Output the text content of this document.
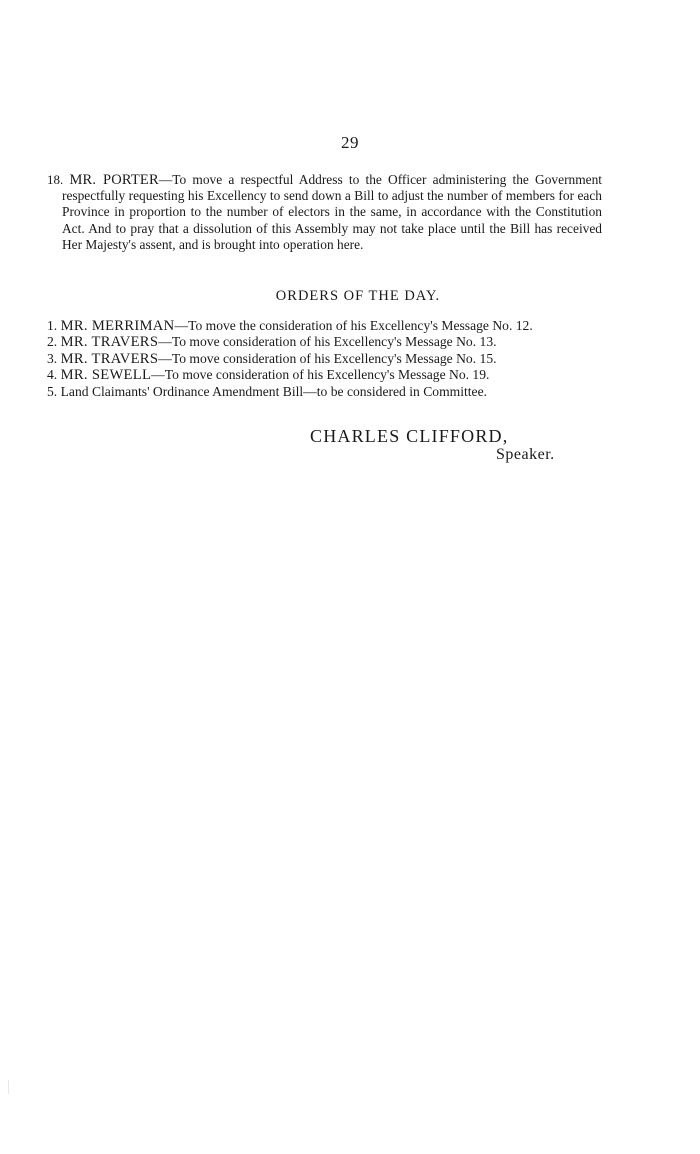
29

18. MR. PORTER—To move a respectful Address to the Officer administering the Government respectfully requesting his Excellency to send down a Bill to adjust the number of members for each Province in proportion to the number of electors in the same, in accordance with the Constitution Act. And to pray that a dissolution of this Assembly may not take place until the Bill has received Her Majesty's assent, and is brought into operation here.

ORDERS OF THE DAY.
1. MR. MERRIMAN—To move the consideration of his Excellency's Message No. 12.
2. MR. TRAVERS—To move consideration of his Excellency's Message No. 13.
3. MR. TRAVERS—To move consideration of his Excellency's Message No. 15.
4. MR. SEWELL—To move consideration of his Excellency's Message No. 19.
5. Land Claimants' Ordinance Amendment Bill—to be considered in Committee.
CHARLES CLIFFORD,
Speaker.
